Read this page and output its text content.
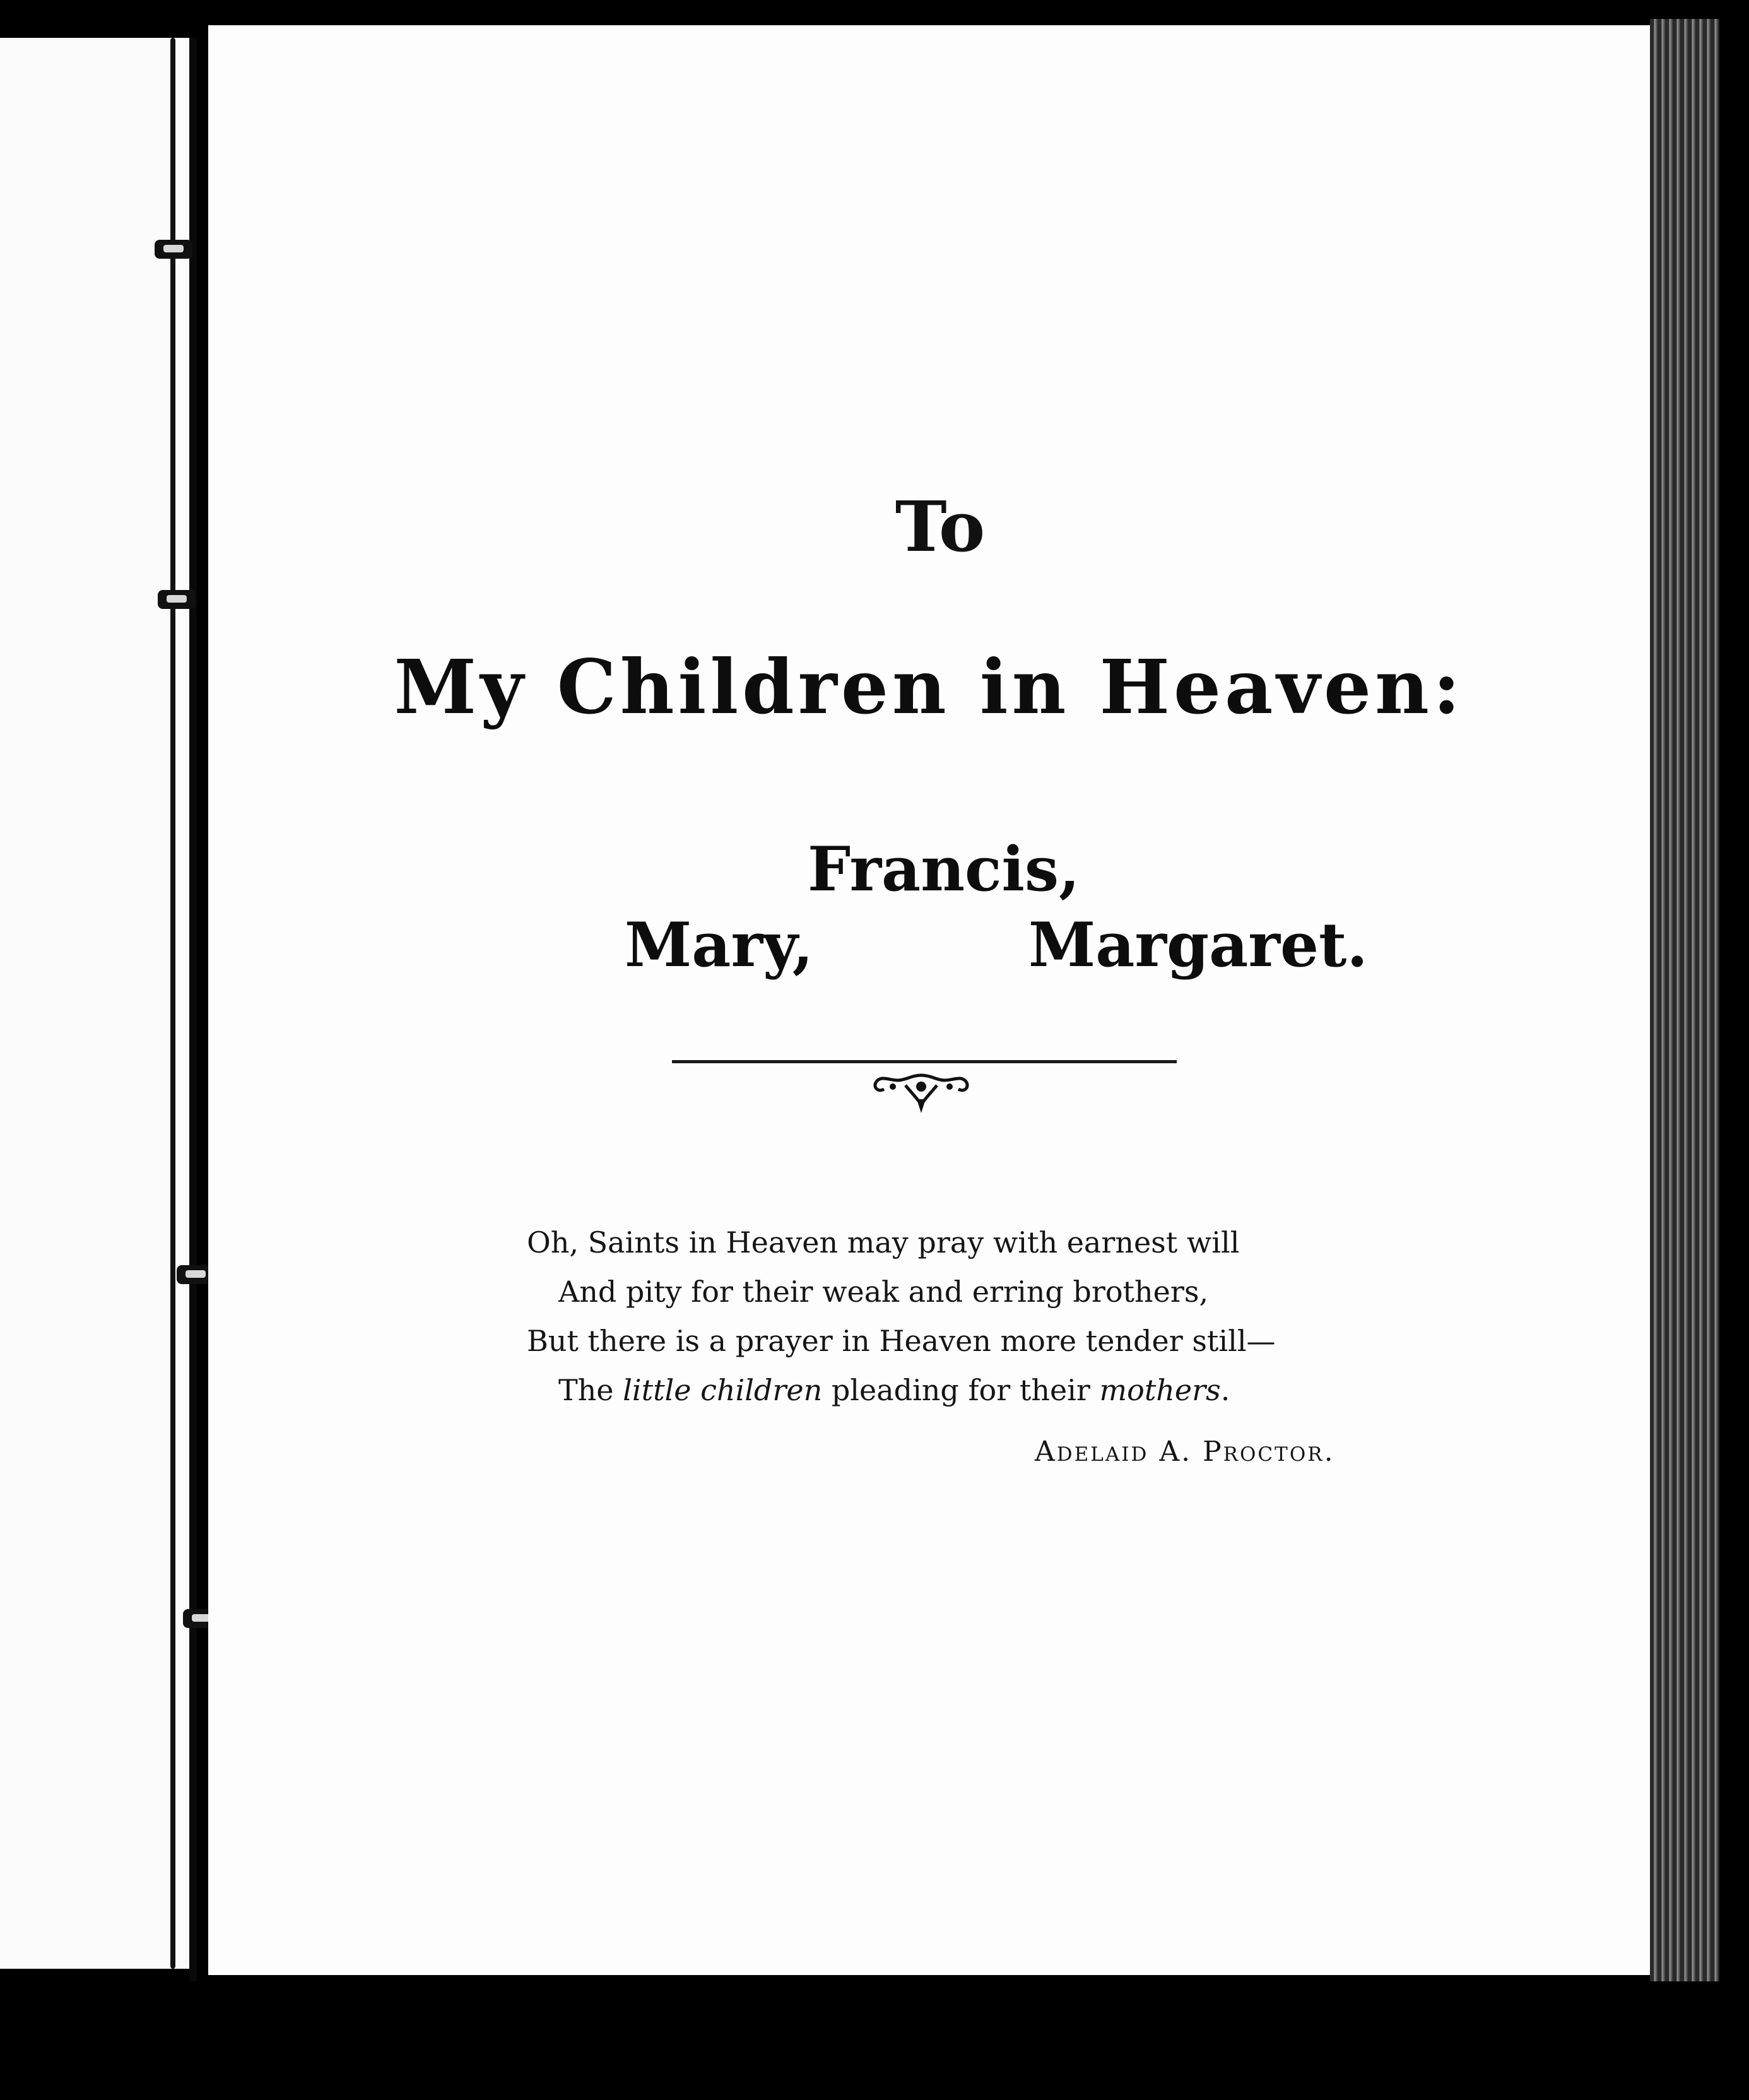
To
My Children in Heaven:
Francis,
Mary,	Margaret.
Oh, Saints in Heaven may pray with earnest will
And pity for their weak and erring brothers,
But there is a prayer in Heaven more tender still—
The little children pleading for their mothers.
Adelaid A. Proctor.
